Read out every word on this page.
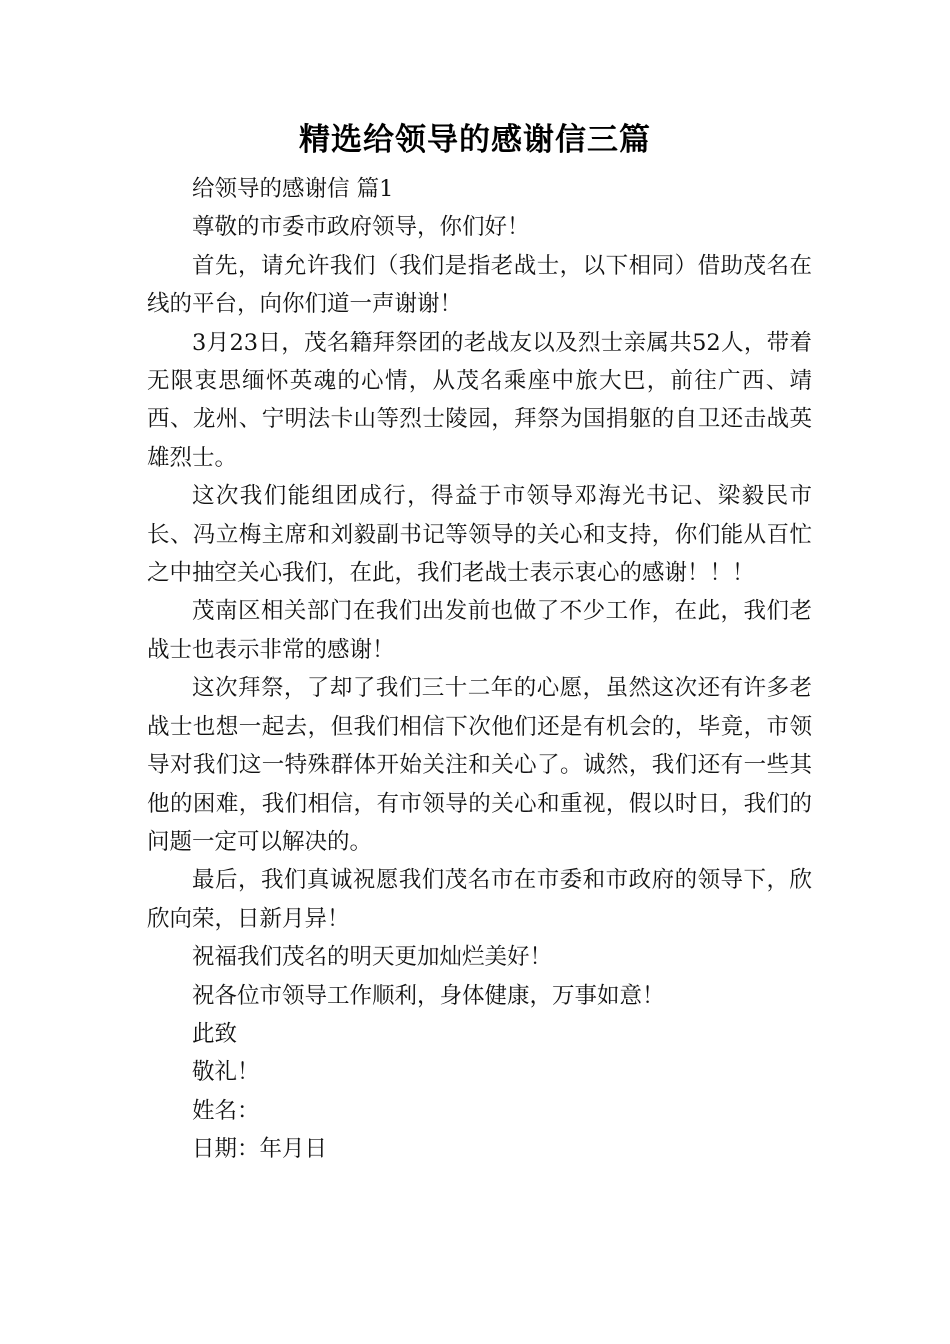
精选给领导的感谢信三篇

给领导的感谢信 篇1

尊敬的市委市政府领导，你们好！

首先，请允许我们（我们是指老战士，以下相同）借助茂名在线的平台，向你们道一声谢谢！

3月23日，茂名籍拜祭团的老战友以及烈士亲属共52人，带着无限衷思缅怀英魂的心情，从茂名乘座中旅大巴，前往广西、靖西、龙州、宁明法卡山等烈士陵园，拜祭为国捐躯的自卫还击战英雄烈士。

这次我们能组团成行，得益于市领导邓海光书记、梁毅民市长、冯立梅主席和刘毅副书记等领导的关心和支持，你们能从百忙之中抽空关心我们，在此，我们老战士表示衷心的感谢！！！

茂南区相关部门在我们出发前也做了不少工作，在此，我们老战士也表示非常的感谢！

这次拜祭，了却了我们三十二年的心愿，虽然这次还有许多老战士也想一起去，但我们相信下次他们还是有机会的，毕竟，市领导对我们这一特殊群体开始关注和关心了。诚然，我们还有一些其他的困难，我们相信，有市领导的关心和重视，假以时日，我们的问题一定可以解决的。

最后，我们真诚祝愿我们茂名市在市委和市政府的领导下，欣欣向荣，日新月异！

祝福我们茂名的明天更加灿烂美好！

祝各位市领导工作顺利，身体健康，万事如意！

此致

敬礼！

姓名：

日期：年月日
